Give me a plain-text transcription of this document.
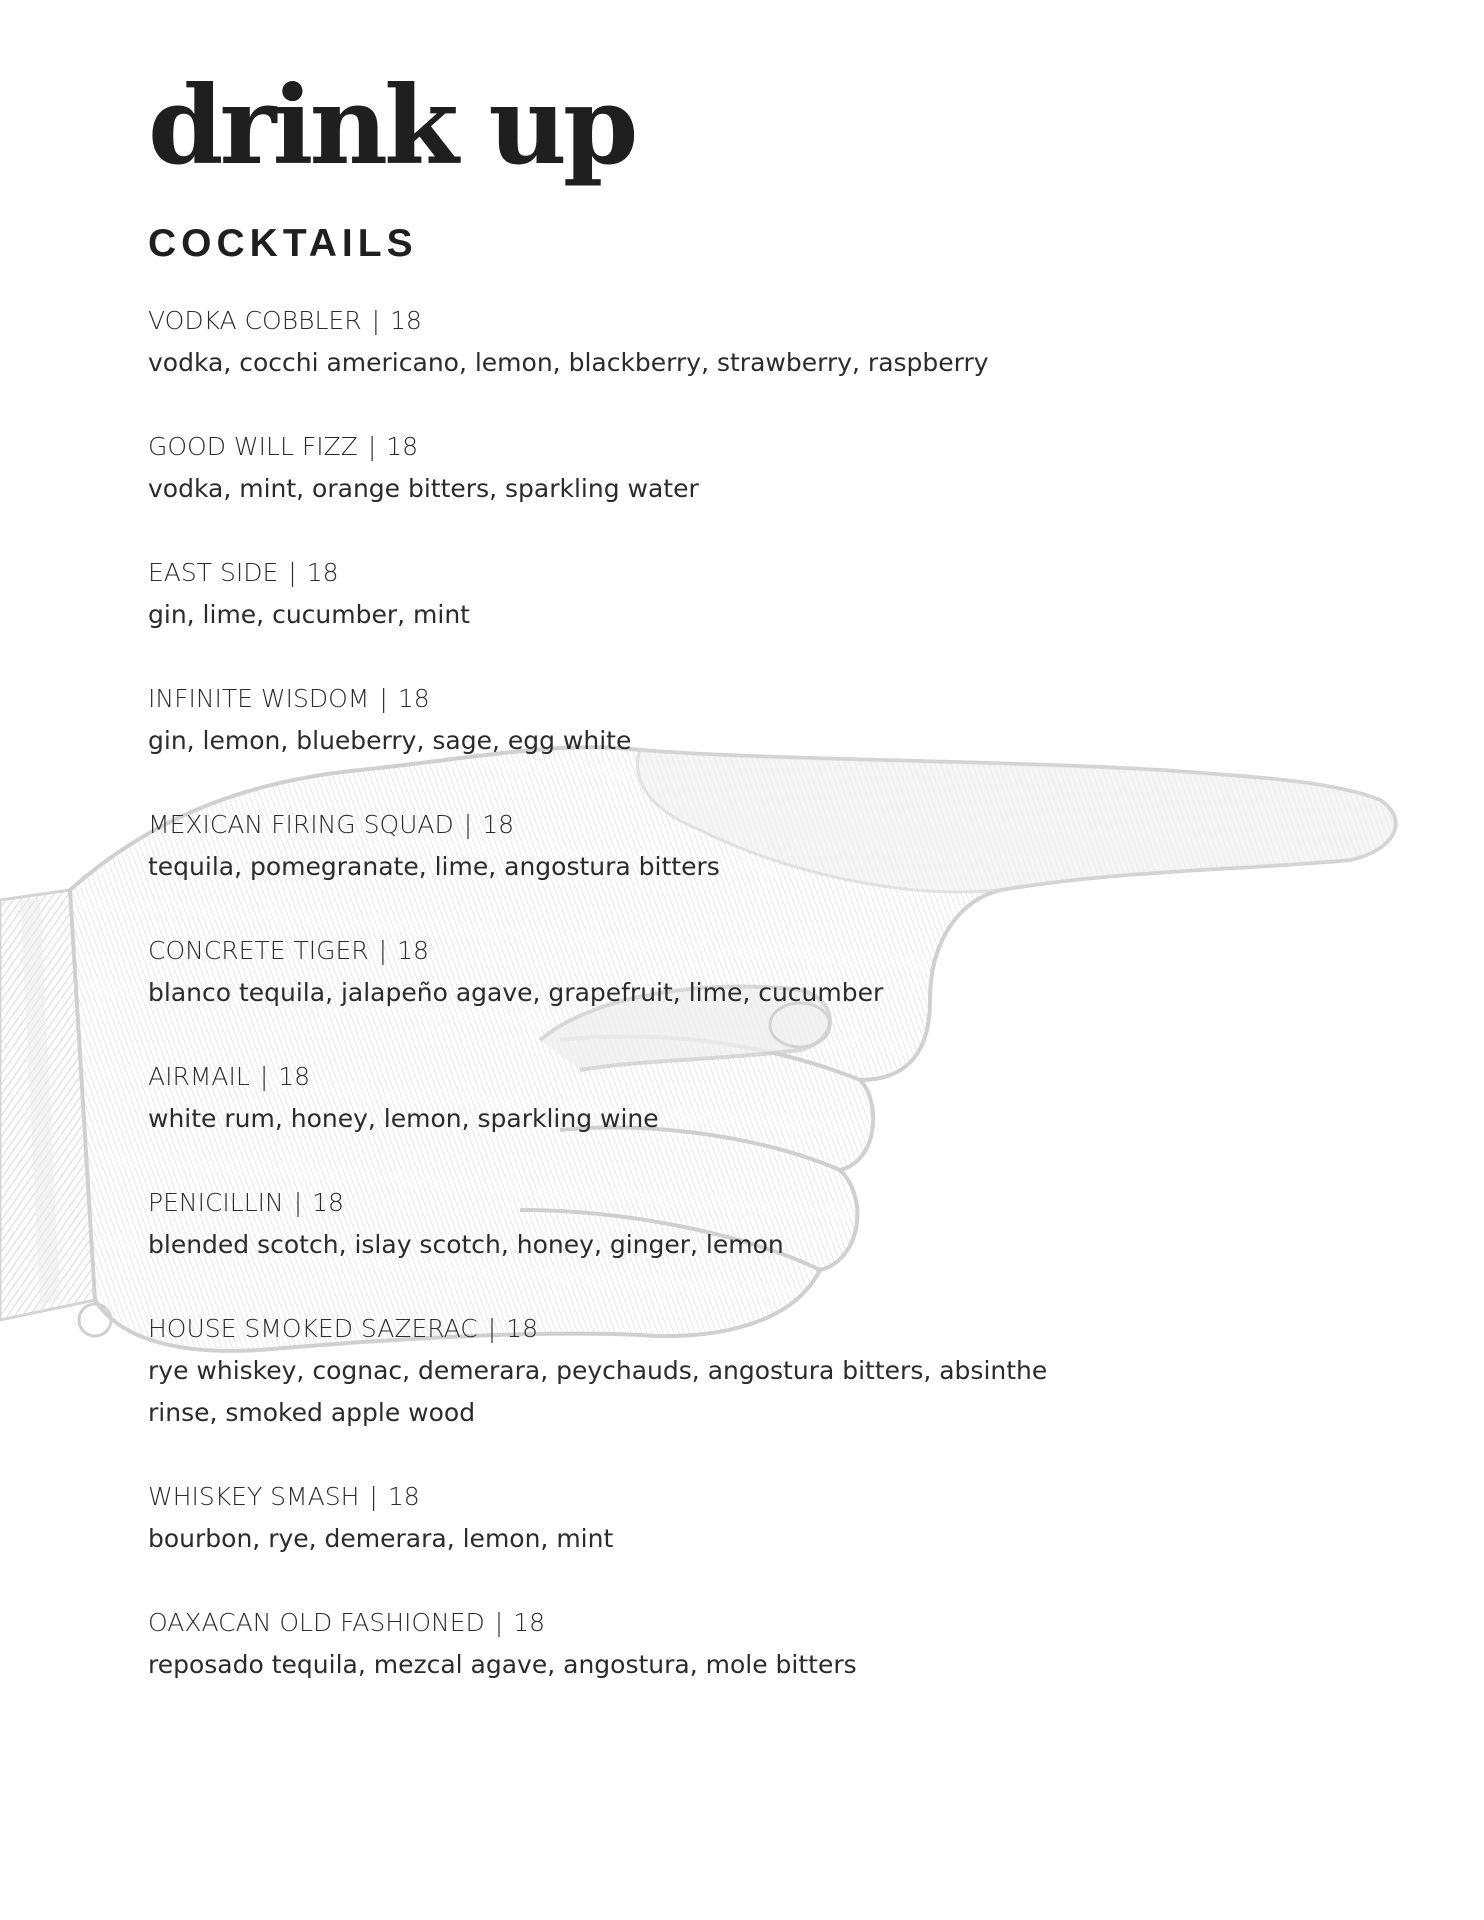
drink up
COCKTAILS
VODKA COBBLER | 18
vodka, cocchi americano, lemon, blackberry, strawberry, raspberry
GOOD WILL FIZZ | 18
vodka, mint, orange bitters, sparkling water
EAST SIDE | 18
gin, lime, cucumber, mint
INFINITE WISDOM | 18
gin, lemon, blueberry, sage, egg white
MEXICAN FIRING SQUAD | 18
tequila, pomegranate, lime, angostura bitters
CONCRETE TIGER | 18
blanco tequila, jalapeño agave, grapefruit, lime, cucumber
AIRMAIL | 18
white rum, honey, lemon, sparkling wine
PENICILLIN | 18
blended scotch, islay scotch, honey, ginger, lemon
HOUSE SMOKED SAZERAC | 18
rye whiskey, cognac, demerara, peychauds, angostura bitters, absinthe rinse, smoked apple wood
WHISKEY SMASH | 18
bourbon, rye, demerara, lemon, mint
OAXACAN OLD FASHIONED | 18
reposado tequila, mezcal agave, angostura, mole bitters
